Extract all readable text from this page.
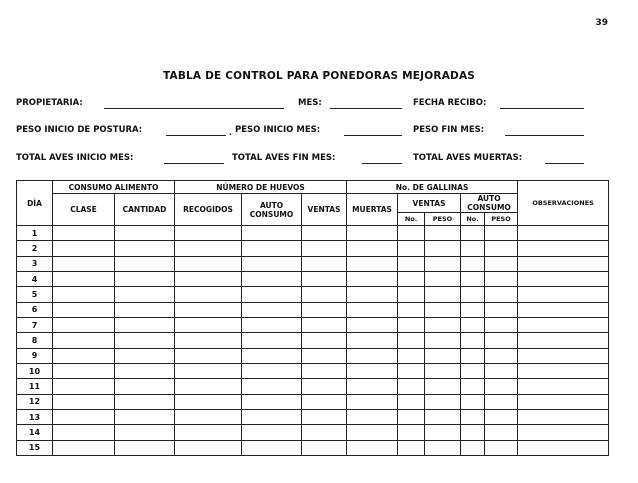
39
TABLA DE CONTROL PARA PONEDORAS MEJORADAS
PROPIETARIA:	MES:	FECHA RECIBO:
PESO INICIO DE POSTURA:	· PESO INICIO MES:	PESO FIN MES:
TOTAL AVES INICIO MES:	TOTAL AVES FIN MES:	TOTAL AVES MUERTAS:
DÍA	CONSUMO ALIMENTO		NÚMERO DE HUEVOS			No. DE GALLINAS					OBSERVACIONES
	CLASE	CANTIDAD	RECOGIDOS	AUTO CONSUMO	VENTAS	MUERTAS	VENTAS		AUTO CONSUMO		
							No.	PESO	No.	PESO	
1											
2											
3											
4											
5											
6											
7											
8											
9											
10											
11											
12											
13											
14											
15											
